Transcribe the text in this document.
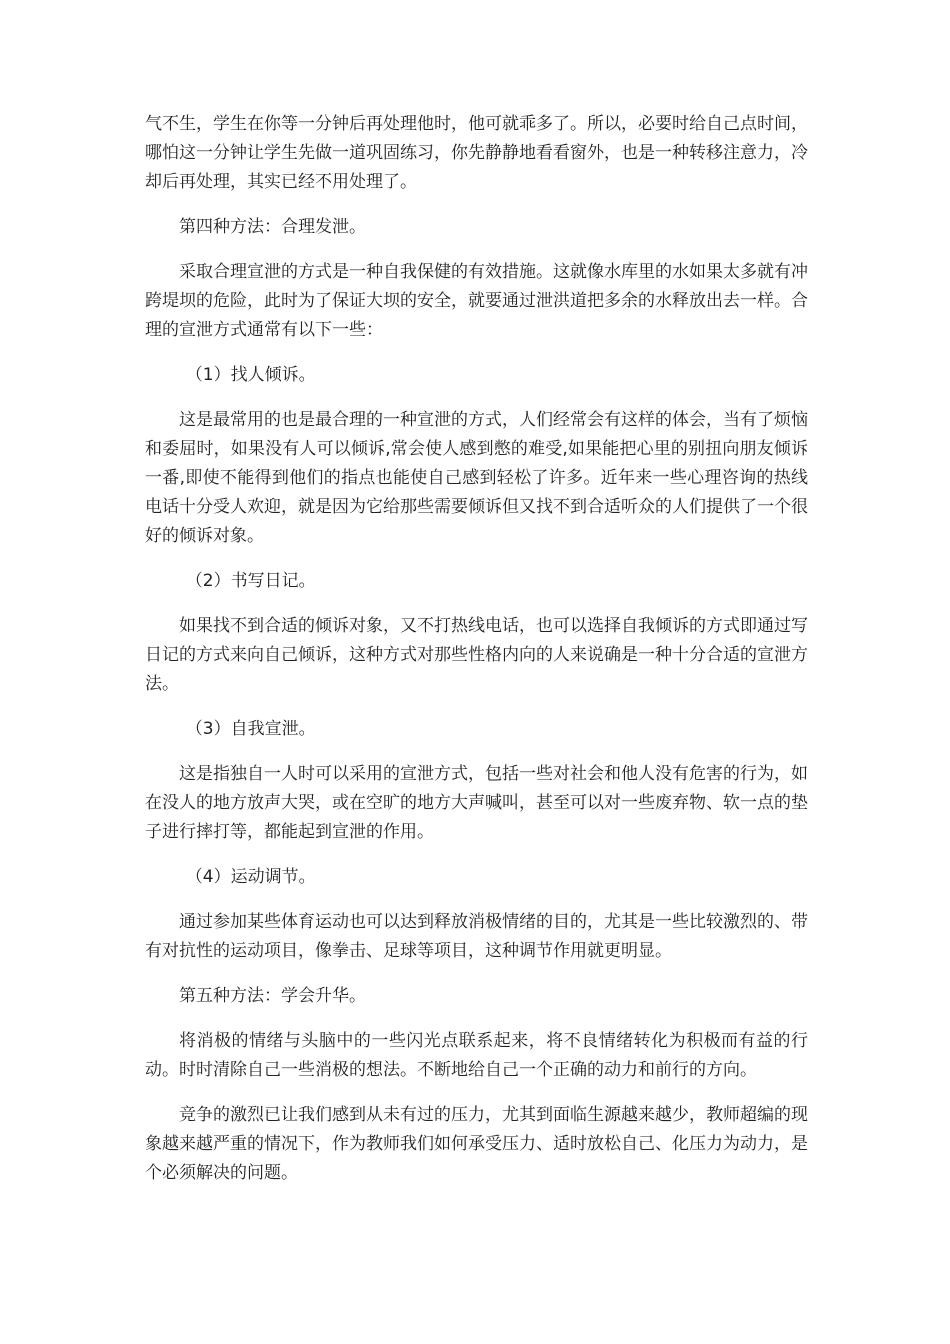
气不生，学生在你等一分钟后再处理他时，他可就乖多了。所以，必要时给自己点时间，哪怕这一分钟让学生先做一道巩固练习，你先静静地看看窗外，也是一种转移注意力，冷却后再处理，其实已经不用处理了。

第四种方法：合理发泄。

采取合理宣泄的方式是一种自我保健的有效措施。这就像水库里的水如果太多就有冲跨堤坝的危险，此时为了保证大坝的安全，就要通过泄洪道把多余的水释放出去一样。合理的宣泄方式通常有以下一些：

（1）找人倾诉。

这是最常用的也是最合理的一种宣泄的方式，人们经常会有这样的体会，当有了烦恼和委屈时，如果没有人可以倾诉,常会使人感到憋的难受,如果能把心里的别扭向朋友倾诉一番,即使不能得到他们的指点也能使自己感到轻松了许多。近年来一些心理咨询的热线电话十分受人欢迎，就是因为它给那些需要倾诉但又找不到合适听众的人们提供了一个很好的倾诉对象。

（2）书写日记。

如果找不到合适的倾诉对象，又不打热线电话，也可以选择自我倾诉的方式即通过写日记的方式来向自己倾诉，这种方式对那些性格内向的人来说确是一种十分合适的宣泄方法。

（3）自我宣泄。

这是指独自一人时可以采用的宣泄方式，包括一些对社会和他人没有危害的行为，如在没人的地方放声大哭，或在空旷的地方大声喊叫，甚至可以对一些废弃物、软一点的垫子进行摔打等，都能起到宣泄的作用。

（4）运动调节。

通过参加某些体育运动也可以达到释放消极情绪的目的，尤其是一些比较激烈的、带有对抗性的运动项目，像拳击、足球等项目，这种调节作用就更明显。

第五种方法：学会升华。

将消极的情绪与头脑中的一些闪光点联系起来，将不良情绪转化为积极而有益的行动。时时清除自己一些消极的想法。不断地给自己一个正确的动力和前行的方向。

竞争的激烈已让我们感到从未有过的压力，尤其到面临生源越来越少，教师超编的现象越来越严重的情况下，作为教师我们如何承受压力、适时放松自己、化压力为动力，是个必须解决的问题。
